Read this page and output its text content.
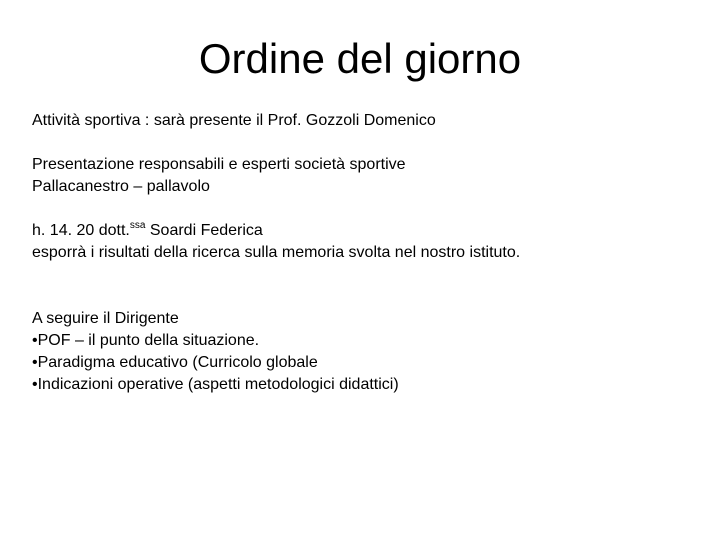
Ordine del giorno

Attività sportiva : sarà presente il Prof. Gozzoli Domenico

Presentazione responsabili e esperti società sportive

Pallacanestro – pallavolo

h. 14. 20 dott.$^{ssa}$ Soardi Federica

esporrà i risultati della ricerca sulla memoria svolta nel nostro istituto.

A seguire il Dirigente

•POF – il punto della situazione.

•Paradigma educativo (Curricolo globale

•Indicazioni operative (aspetti metodologici didattici)
